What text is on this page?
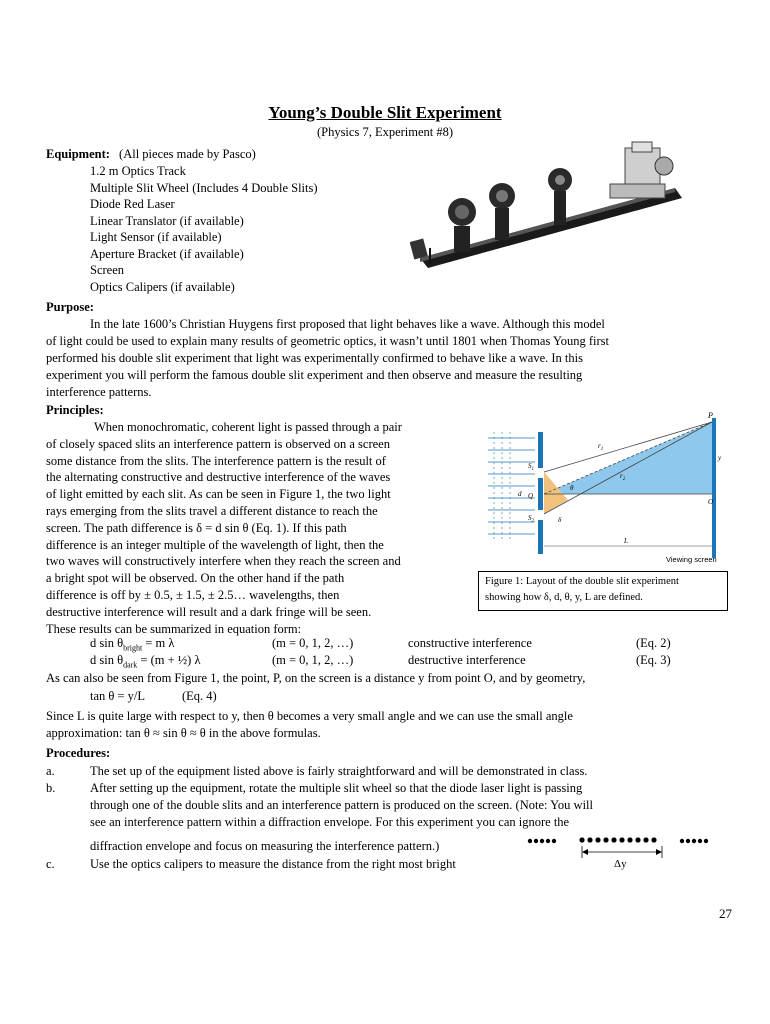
Young’s Double Slit Experiment
(Physics 7, Experiment #8)
Equipment: (All pieces made by Pasco)
1.2 m Optics Track
Multiple Slit Wheel (Includes 4 Double Slits)
Diode Red Laser
Linear Translator (if available)
Light Sensor (if available)
Aperture Bracket (if available)
Screen
Optics Calipers (if available)
Purpose:
In the late 1600’s Christian Huygens first proposed that light behaves like a wave. Although this model
of light could be used to explain many results of geometric optics, it wasn’t until 1801 when Thomas Young first
performed his double slit experiment that light was experimentally confirmed to behave like a wave. In this
experiment you will perform the famous double slit experiment and then observe and measure the resulting
interference patterns.
Principles:
When monochromatic, coherent light is passed through a pair
of closely spaced slits an interference pattern is observed on a screen
some distance from the slits. The interference pattern is the result of
the alternating constructive and destructive interference of the waves
of light emitted by each slit. As can be seen in Figure 1, the two light
rays emerging from the slits travel a different distance to reach the
screen. The path difference is δ = d sin θ (Eq. 1). If this path
difference is an integer multiple of the wavelength of light, then the
two waves will constructively interfere when they reach the screen and
a bright spot will be observed. On the other hand if the path
difference is off by ± 0.5, ± 1.5, ± 2.5… wavelengths, then
destructive interference will result and a dark fringe will be seen.
These results can be summarized in equation form:
P
$S_1$
$S_2$
$r_1$
$r_2$
d Q
O
y
L
θ
δ
Viewing screen
Figure 1: Layout of the double slit experiment
showing how δ, d, θ, y, L are defined.
d $\sin \theta_{bright} = m$ λ	(m = 0, 1, 2, …)	constructive interference	(Eq. 2)
d $\sin \theta_{dark} = (m$ + ½) λ	(m = 0, 1, 2, …)	destructive interference	(Eq. 3)
As can also be seen from Figure 1, the point, P, on the screen is a distance y from point O, and by geometry,
tan θ = y/L	(Eq. 4)
Since L is quite large with respect to y, then θ becomes a very small angle and we can use the small angle
approximation: tan θ ≈ sin θ ≈ θ in the above formulas.
Procedures:
a.	The set up of the equipment listed above is fairly straightforward and will be demonstrated in class.
b.	After setting up the equipment, rotate the multiple slit wheel so that the diode laser light is passing
through one of the double slits and an interference pattern is produced on the screen. (Note: You will
see an interference pattern within a diffraction envelope. For this experiment you can ignore the
diffraction envelope and focus on measuring the interference pattern.)
c.	Use the optics calipers to measure the distance from the right most bright	Δy
27
